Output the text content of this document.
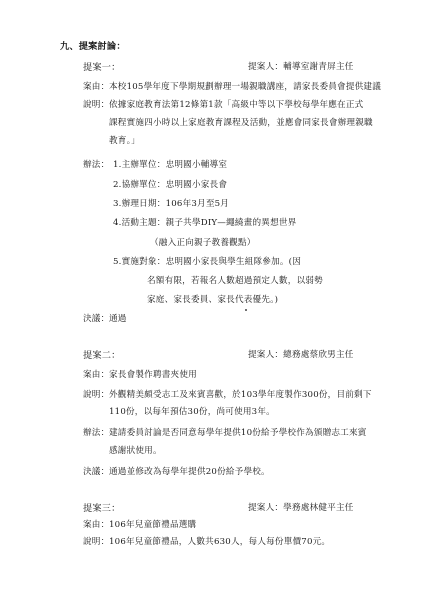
九、提案討論：
提案一：	提案人：輔導室謝青屏主任
案由： 本校105學年度下學期規劃辦理一場親職講座，請家長委員會提供建議
說明： 依據家庭教育法第12條第1款「高級中等以下學校每學年應在正式
課程實施四小時以上家庭教育課程及活動，並應會同家長會辦理親職
教育。」
辦法： 1.主辦單位：忠明國小輔導室
2.協辦單位：忠明國小家長會
3.辦理日期：106年3月至5月
4.活動主題：親子共學DIY—繩繞畫的異想世界
（融入正向親子教養觀點）
5.實施對象：忠明國小家長與學生組隊參加。(因
名額有限，若報名人數超過預定人數，以弱勢
家庭、家長委員、家長代表優先。)
決議： 通過
提案二：	提案人：總務處蔡欣男主任
案由： 家長會製作聘書夾使用
說明： 外觀精美頗受志工及來賓喜歡，於103學年度製作300份，目前剩下
110份，以每年預估30份，尚可使用3年。
辦法： 建請委員討論是否同意每學年提供10份給予學校作為頒贈志工來賓
感謝狀使用。
決議： 通過並修改為每學年提供20份給予學校。
提案三：	提案人：學務處林健平主任
案由： 106年兒童節禮品選購
說明： 106年兒童節禮品，人數共630人，每人每份單價70元。
